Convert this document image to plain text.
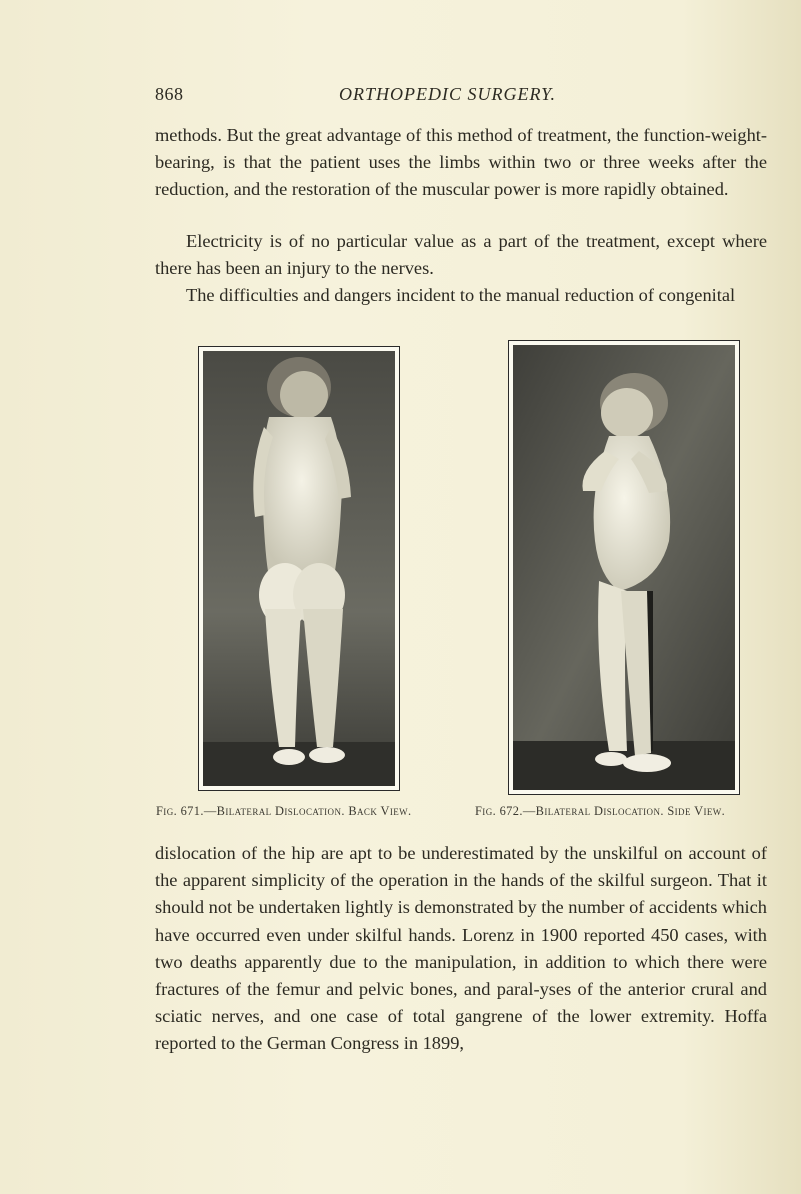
868	ORTHOPEDIC SURGERY.

methods. But the great advantage of this method of treatment, the function-weight-bearing, is that the patient uses the limbs within two or three weeks after the reduction, and the restoration of the muscular power is more rapidly obtained.

Electricity is of no particular value as a part of the treatment, except where there has been an injury to the nerves.

The difficulties and dangers incident to the manual reduction of congenital

Fig. 671.—Bilateral Dislocation. Back View.	Fig. 672.—Bilateral Dislocation. Side View.

dislocation of the hip are apt to be underestimated by the unskilful on account of the apparent simplicity of the operation in the hands of the skilful surgeon. That it should not be undertaken lightly is demonstrated by the number of accidents which have occurred even under skilful hands. Lorenz in 1900 reported 450 cases, with two deaths apparently due to the manipulation, in addition to which there were fractures of the femur and pelvic bones, and paral-yses of the anterior crural and sciatic nerves, and one case of total gangrene of the lower extremity. Hoffa reported to the German Congress in 1899,
